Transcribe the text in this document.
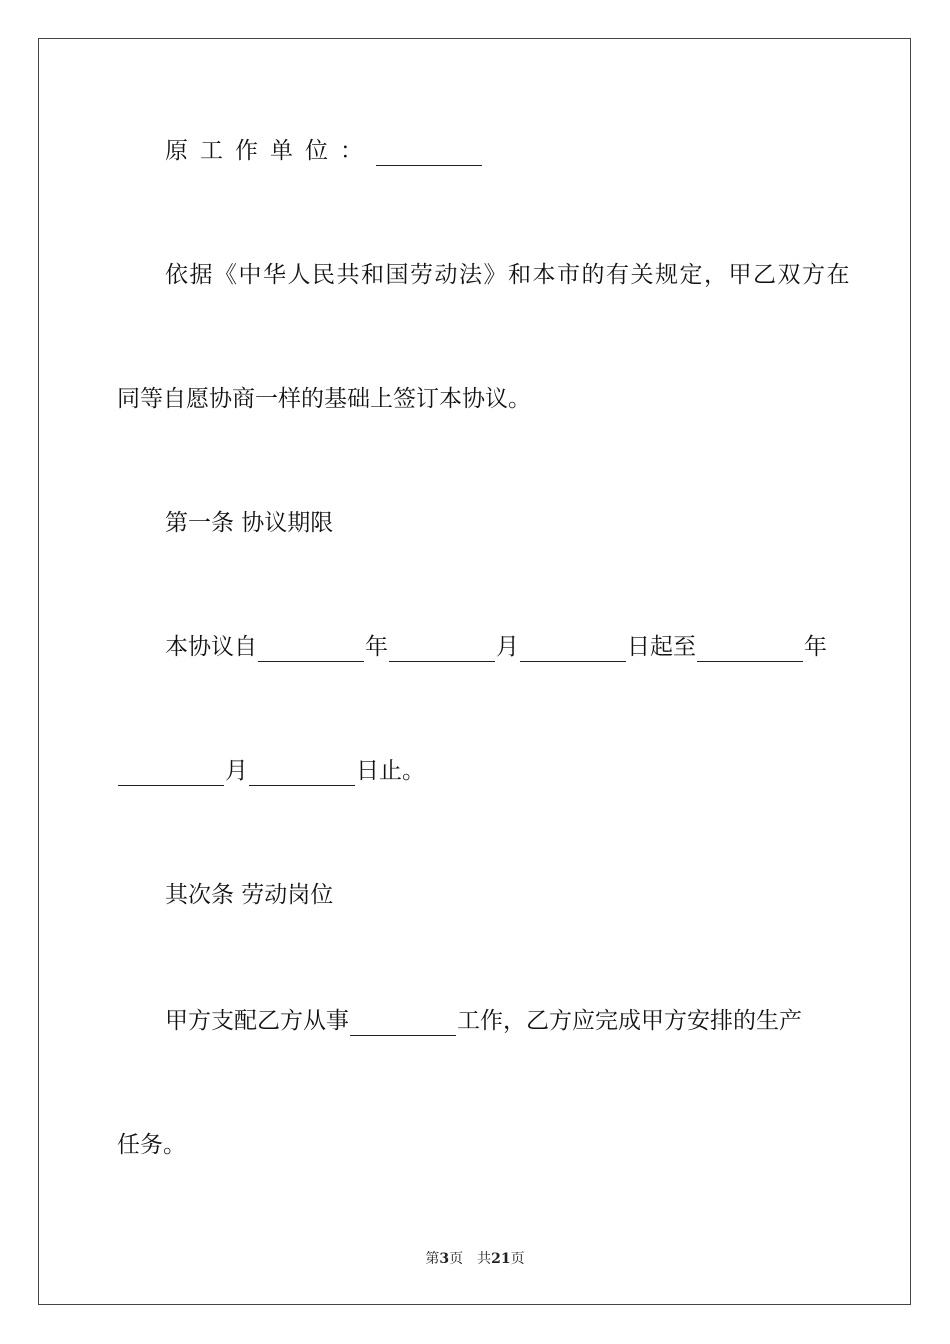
原工作单位：
依据《中华人民共和国劳动法》和本市的有关规定，甲乙双方在
同等自愿协商一样的基础上签订本协议。
第一条 协议期限
本协议自	年	月	日起至	年
月	日止。
其次条 劳动岗位
甲方支配乙方从事	工作，乙方应完成甲方安排的生产
任务。
第3页 共21页
